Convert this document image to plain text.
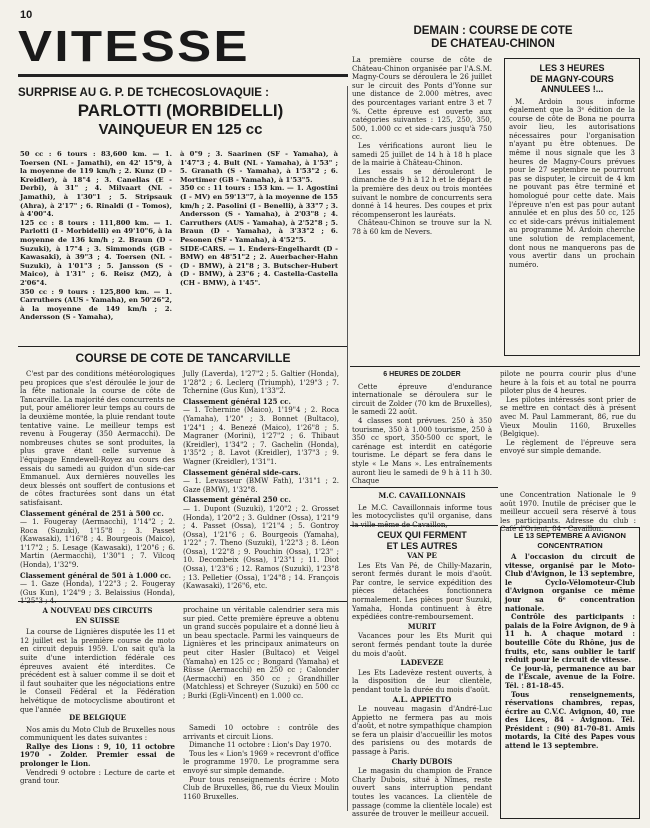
10
VITESSE	DEMAIN : COURSE DE COTE
DE CHATEAU-CHINON

La première course de côte de Château-Chinon organisée par l'A.S.M. Magny-Cours se déroulera le 26 juillet sur le circuit des Ponts d'Yonne sur une distance de 2.000 mètres, avec des pourcentages variant entre 3 et 7 %. Cette épreuve est ouverte aux catégories suivantes : 125, 250, 350, 500, 1.000 cc et side-cars jusqu'à 750 cc.

Les vérifications auront lieu le samedi 25 juillet de 14 h à 18 h place de la mairie à Château-Chinon.

Les essais se dérouleront le dimanche de 9 h à 12 h et le départ de la première des deux ou trois montées suivant le nombre de concurrents sera donné à 14 heures. Des coupes et prix récompenseront les lauréats.

Château-Chinon se trouve sur la N. 78 à 60 km de Nevers.

LES 3 HEURES
DE MAGNY-COURS
ANNULEES !...

M. Ardoin nous informe également que la 3ᵉ édition de la course de côte de Bona ne pourra avoir lieu, les autorisations nécessaires pour l'organisation n'ayant pu être obtenues. De même il nous signale que les 3 heures de Magny-Cours prévues pour le 27 septembre ne pourront pas se disputer, le circuit de 4 km ne pouvant pas être terminé et homologué pour cette date. Mais l'épreuve n'en est pas pour autant annulée et en plus des 50 cc, 125 cc et side-cars prévus initialement au programme M. Ardoin cherche une solution de remplacement, dont nous ne manquerons pas de vous avertir dans un prochain numéro.

SURPRISE AU G. P. DE TCHECOSLOVAQUIE :
PARLOTTI (MORBIDELLI)
VAINQUEUR EN 125 cc

50 cc : 6 tours : 83,600 km. — 1. Toersen (NL - Jamathi), en 42' 15"9, à la moyenne de 119 km/h ; 2. Kunz (D - Kreidler), à 18"4 ; 3. Canellas (E - Derbi), à 31" ; 4. Milvaart (NL - Jamathi), à 1'30"1 ; 5. Stripsauk (Ahra), à 2'17" ; 6. Rinaldi (I - Tomos), à 4'00"4.
125 cc : 8 tours : 111,800 km. — 1. Parlotti (I - Morbidelli) en 49'10"6, à la moyenne de 136 km/h ; 2. Braun (D - Suzuki), à 17"4 ; 3. Simmonds (GB - Kawasaki), à 39"3 ; 4. Toersen (NL - Suzuki), à 1'01"3 ; 5. Jansson (S - Maico), à 1'31" ; 6. Reisz (MZ), à 2'06"4.
350 cc : 9 tours : 125,800 km. — 1. Carruthers (AUS - Yamaha), en 50'26"2, à la moyenne de 149 km/h ; 2. Andersson (S - Yamaha),

à 0"9 ; 3. Saarinen (SF - Yamaha), à 1'47"3 ; 4. Bult (NL - Yamaha), à 1'53" ; 5. Granath (S - Yamaha), à 1'53"2 ; 6. Mortimer (GB - Yamaha), à 1'53"5.
350 cc : 11 tours : 153 km. — 1. Agostini (I - MV) en 59'13"7, à la moyenne de 155 km/h ; 2. Pasolini (I - Benelli), à 33"7 ; 3. Andersson (S - Yamaha), à 2'03"8 ; 4. Carruthers (AUS - Yamaha), à 2'52"8 ; 5. Braun (D - Yamaha), à 3'33"2 ; 6. Pesonen (SF - Yamaha), à 4'52"5.
SIDE-CARS. — 1. Enders-Engelhardt (D - BMW) en 48'51"2 ; 2. Auerbacher-Hahn (D - BMW), à 21"8 ; 3. Butscher-Hubert (D - BMW), à 23"6 ; 4. Castella-Castella (CH - BMW), à 1'45".

COURSE DE COTE DE TANCARVILLE

C'est par des conditions météorologiques peu propices que s'est déroulée le jour de la fête nationale la course de côte de Tancarville. La majorité des concurrents ne put, pour améliorer leur temps au cours de la deuxième montée, la pluie rendant toute tentative vaine. Le meilleur temps est revenu à Fougeray (350 Aermacchi). De nombreuses chutes se sont produites, la plus grave étant celle survenue à l'équipage Enndewell-Royez au cours des essais du samedi au guidon d'un side-car Emmanuel. Aux dernières nouvelles les deux blessés ont souffert de contusions et de côtes fracturées sont dans un état satisfaisant.

Classement général de 251 à 500 cc.

— 1. Fougeray (Aermacchi), 1'14"2 ; 2. Roca (Suzuki), 1'15"8 ; 3. Passet (Kawasaki), 1'16"8 ; 4. Bourgeois (Maico), 1'17"2 ; 5. Lesage (Kawasaki), 1'20"6 ; 6. Martin (Aermacchi), 1'30"1 ; 7. Vilcoq (Honda), 1'32"9.

Classement général de 501 à 1.000 cc.

— 1. Gaze (Honda), 1'22"3 ; 2. Fougeray (Gus Kun), 1'24"9 ; 3. Belaissius (Honda),

Jully (Laverda), 1'27"2 ; 5. Galtier (Honda), 1'28"2 ; 6. Leclerq (Triumph), 1'29"3 ; 7. Tchernine (Gus Kun), 1'33"2.

Classement général 125 cc.

— 1. Tchernine (Maico), 1'19"4 ; 2. Roca (Yamaha), 1'20" ; 3. Bonnet (Bultaco), 1'24"1 ; 4. Benezé (Maico), 1'26"8 ; 5. Magraner (Morini), 1'27"2 ; 6. Thibaut (Kreidler), 1'34"2 ; 7. Gachelin (Honda), 1'35"2 ; 8. Lavot (Kreidler), 1'37"3 ; 9. Wagner (Kreidler), 1'31"1.

Classement général side-cars.

— 1. Levasseur (BMW Fath), 1'31"1 ; 2. Gaze (BMW), 1'32"8.

Classement général 250 cc.

— 1. Dupont (Suzuki), 1'20"2 ; 2. Grosset (Honda), 1'20"2 ; 3. Guldner (Ossa), 1'21"9 ; 4. Passet (Ossa), 1'21"4 ; 5. Gontroy (Ossa), 1'21"6 ; 6. Bourgeois (Yamaha), 1'22" ; 7. Theno (Suzuki), 1'22"3 ; 8. Léon (Ossa), 1'22"8 ; 9. Pouchin (Ossa), 1'23" ; 10. Decombeix (Ossa), 1'23"1 ; 11. Diot (Ossa), 1'23"6 ; 12. Ramos (Suzuki), 1'23"8 ; 13. Pelletier (Ossa), 1'24"8 ; 14. François (Kawasaki), 1'26"6, etc.

A NOUVEAU DES CIRCUITS
EN SUISSE

La course de Lignières disputée les 11 et 12 juillet est la première course de moto en circuit depuis 1959. L'on sait qu'à la suite d'une interdiction fédérale ces épreuves avaient été interdites. Ce précédent est à saluer comme il se doit et il faut souhaiter que les négociations entre le Conseil Fédéral et la Fédération helvétique de motocyclisme aboutiront et que l'année

prochaine un véritable calendrier sera mis sur pied. Cette première épreuve a obtenu un grand succès populaire et a donné lieu à un beau spectacle. Parmi les vainqueurs de Lignières et les principaux animateurs on peut citer Hasler (Bultaco) et Veigel (Yamaha) en 125 cc ; Bongard (Yamaha) et Rüsse (Aermacchi) en 250 cc ; Calonder (Aermacchi) en 350 cc ; Grandhiller (Matchless) et Schreyer (Suzuki) en 500 cc ; Burki (Egli-Vincent) en 1.000 cc.

DE BELGIQUE

Nos amis du Moto Club de Bruxelles nous communiquent les dates suivantes :

Rallye des Lions : 9, 10, 11 octobre 1970 - Zolder. Premier essai de prolonger le Lion.

Vendredi 9 octobre : Lecture de carte et grand tour.

Samedi 10 octobre : contrôle des arrivants et circuit Lions.

Dimanche 11 octobre : Lion's Day 1970.

Tous les « Lion's 1969 » recevront d'office le programme 1970. Le programme sera envoyé sur simple demande.

Pour tous renseignements écrire : Moto Club de Bruxelles, 86, rue du Vieux Moulin 1160 Bruxelles.

6 HEURES DE ZOLDER

Cette épreuve d'endurance internationale se déroulera sur le circuit de Zolder (70 km de Bruxelles), le samedi 22 août.

4 classes sont prévues. 250 à 350 tourisme, 350 à 1.000 tourisme, 250 à 350 cc sport, 350-500 cc sport, le carénage est interdit en catégorie tourisme. Le départ se fera dans le style « Le Mans ». Les entraînements auront lieu le samedi de 9 h à 11 h 30. Chaque

pilote ne pourra courir plus d'une heure à la fois et au total ne pourra piloter plus de 4 heures.

Les pilotes intéressés sont prier de se mettre en contact dès à présent avec M. Paul Lammerant, 86, rue du Vieux Moulin 1160, Bruxelles (Belgique).

Le règlement de l'épreuve sera envoyé sur simple demande.

M.C. CAVAILLONNAIS

Le M.C. Cavaillonnais informe tous les motocyclistes qu'il organise, dans

une Concentration Nationale le 9 août 1970. Inutile de préciser que le meilleur accueil sera réservé à tous les participants. Adresse du club : Café d'Orient, 84 - Cavaillon.

CEUX QUI FERMENT
ET LES AUTRES
VAN PE

Les Ets Van Pé, de Chilly-Mazarin, seront fermés durant le mois d'août. Par contre, le service expédition des pièces détachées fonctionnera normalement. Les pièces pour Suzuki, Yamaha, Honda continuent à être expédiées contre-remboursement.

MURIT

Vacances pour les Ets Murit qui seront fermés pendant toute la durée du mois d'août.

LADEVEZE

Les Ets Ladevèze restent ouverts, à la disposition de leur clientèle, pendant toute la durée du mois d'août.

A.L. APPIETTO

Le nouveau magasin d'André-Luc Appietto ne fermera pas au mois d'août, et notre sympathique champion se fera un plaisir d'accueillir les motos des parisiens ou des motards de passage à Paris.

Charly DUBOIS

Le magasin du champion de France Charly Dubois, situé à Nîmes, reste ouvert sans interruption pendant toutes les vacances. La clientèle de passage (comme la clientèle locale) est assurée de trouver le meilleur accueil.

LE 13 SEPTEMBRE A AVIGNON
CONCENTRATION

A l'occasion du circuit de vitesse, organisé par le Moto-Club d'Avignon, le 13 septembre, le Cyclo-Vélomoteur-Club d'Avignon organise ce même jour sa 6ᵉ concentration nationale.

Contrôle des participants : palais de la Foire Avignon, de 9 à 11 h. A chaque motard : bouteille Côte du Rhône, jus de fruits, etc, sans oublier le tarif réduit pour le circuit de vitesse.

Ce jour-là, permanence au bar de l'Escale, avenue de la Foire. Tél. : 81-18-45.

Tous renseignements, réservations chambres, repas, écrire au C.V.C. Avignon, 40, rue des Lices, 84 - Avignon. Tél. Président : (90) 81-70-81. Amis motards, la Cité des Papes vous attend le 13 septembre.
